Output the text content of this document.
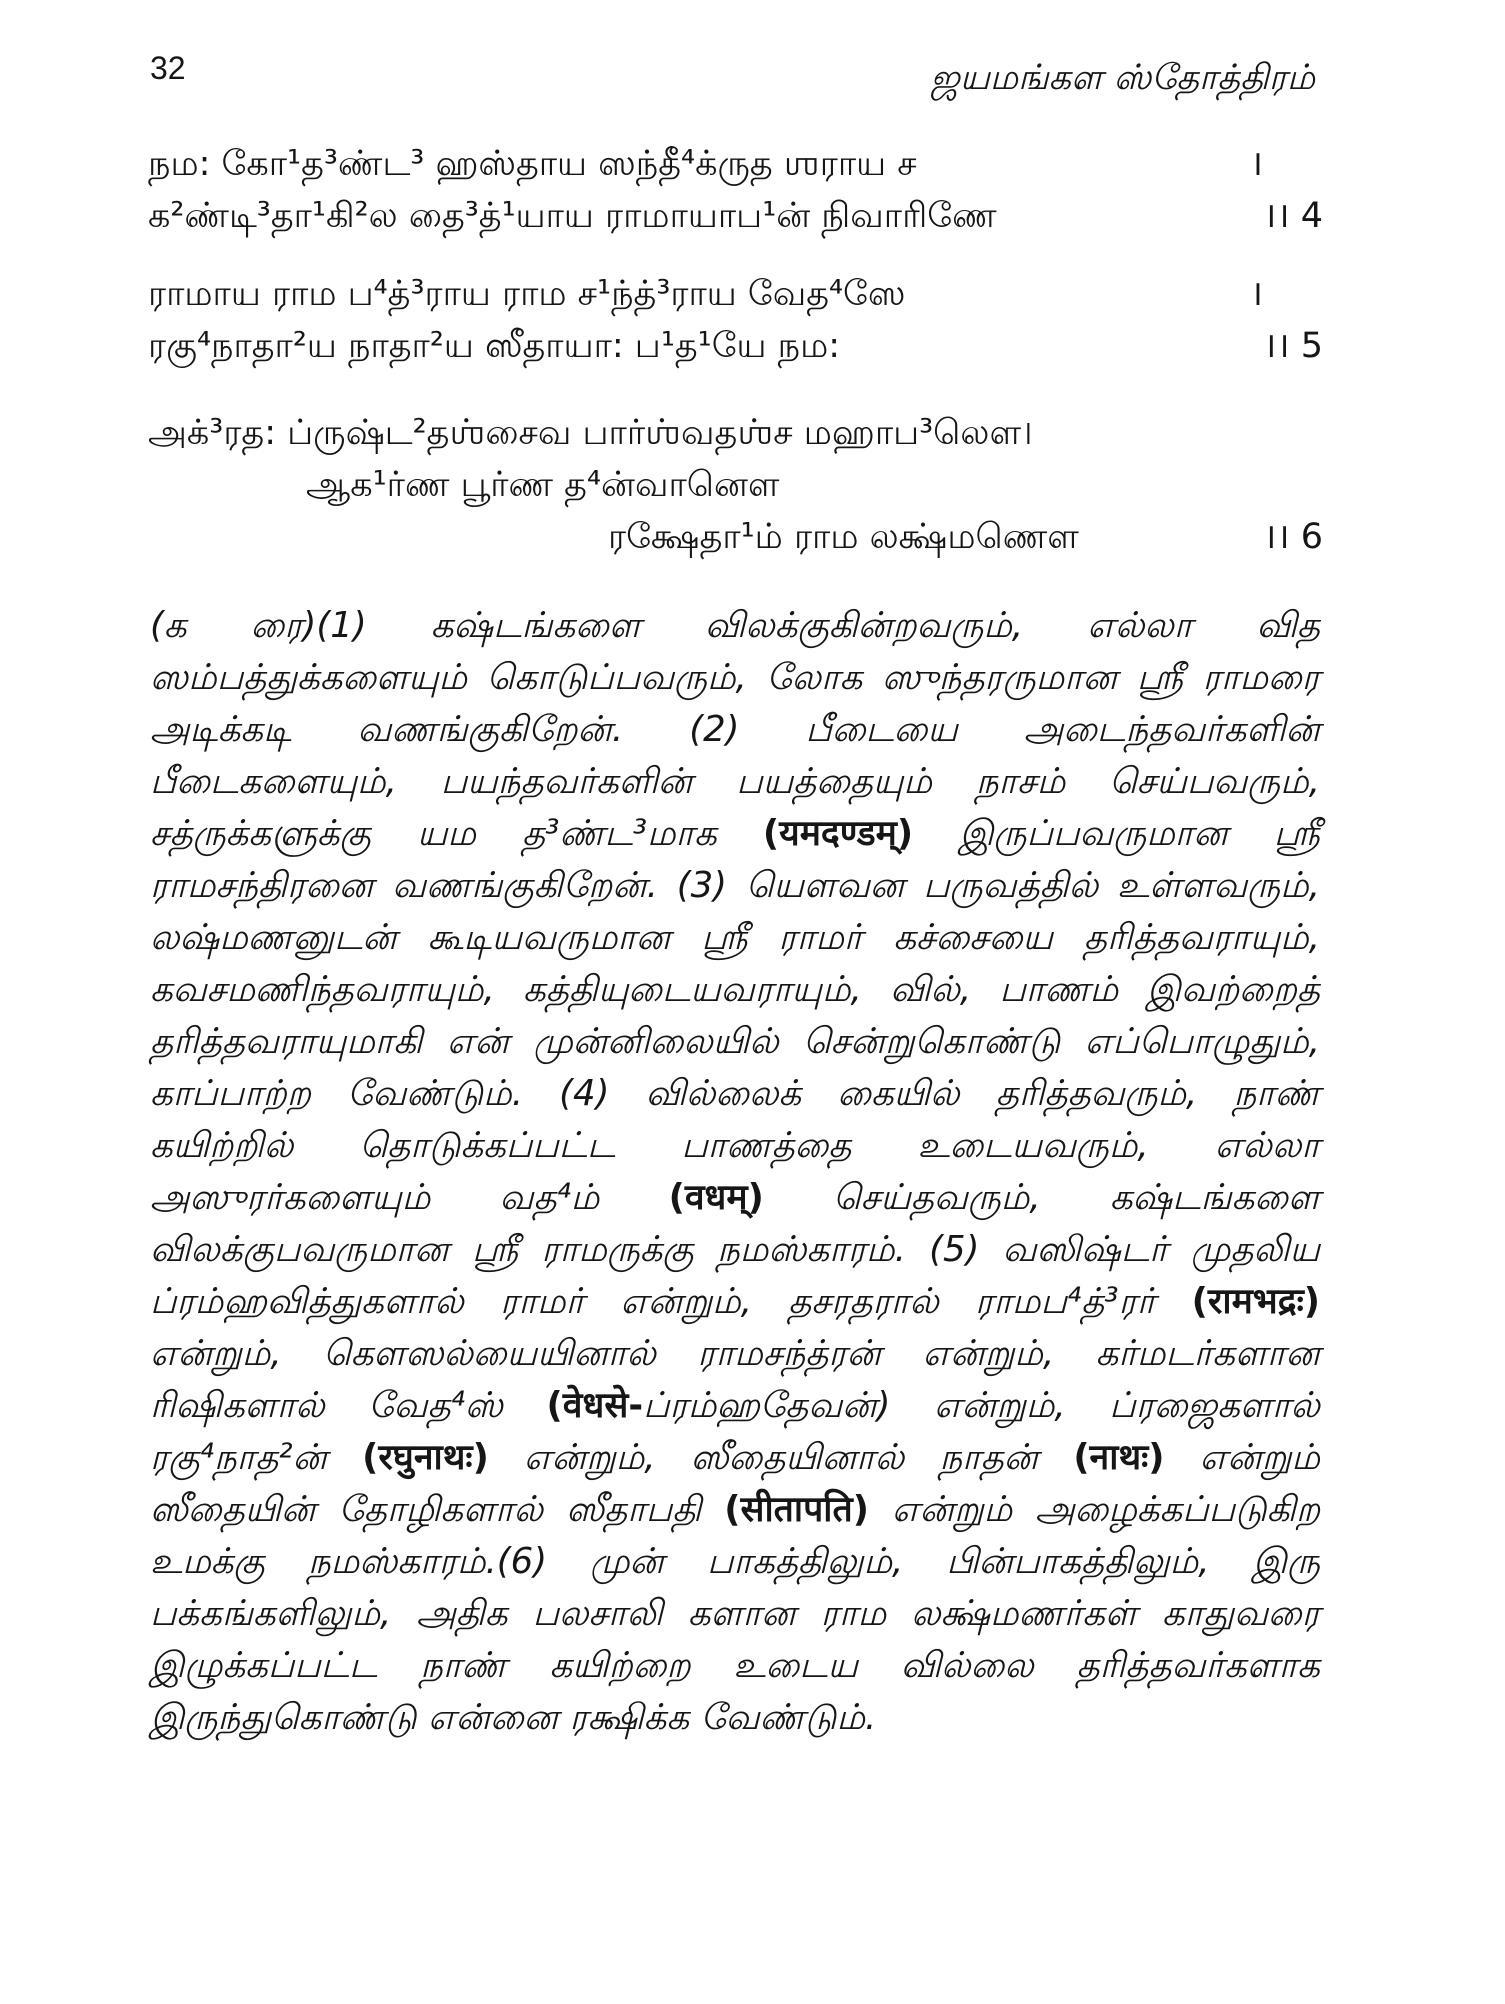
32	ஜயமங்கள ஸ்தோத்திரம்
நம: கோ¹த³ண்ட³ ஹஸ்தாய ஸந்தீ⁴க்ருத ஶராய ச	।
க²ண்டி³தா¹கி²ல தை³த்¹யாய ராமாயாப¹ன் நிவாரிணே	।। 4
ராமாய ராம ப⁴த்³ராய ராம ச¹ந்த்³ராய வேத⁴ஸே	।
ரகு⁴நாதா²ய நாதா²ய ஸீதாயா: ப¹த¹யே நம:	।। 5
அக்³ரத: ப்ருஷ்ட²தஶ்சைவ பார்ஶ்வதஶ்ச மஹாப³லௌ।
ஆக¹ர்ண பூர்ண த⁴ன்வானௌ
ரக்ஷேதா¹ம் ராம லக்ஷ்மணௌ	।। 6
(க ரை)(1) கஷ்டங்களை விலக்குகின்றவரும், எல்லா வித ஸம்பத்துக்களையும் கொடுப்பவரும், லோக ஸுந்தரருமான ஸ்ரீ ராமரை அடிக்கடி வணங்குகிறேன். (2) பீடையை அடைந்தவர்களின் பீடைகளையும், பயந்தவர்களின் பயத்தையும் நாசம் செய்பவரும், சத்ருக்களுக்கு யம த³ண்ட³மாக (यमदण्डम्) இருப்பவருமான ஸ்ரீ ராமசந்திரனை வணங்குகிறேன். (3) யௌவன பருவத்தில் உள்ளவரும், லஷ்மணனுடன் கூடியவருமான ஸ்ரீ ராமர் கச்சையை தரித்தவராயும், கவசமணிந்தவராயும், கத்தியுடையவராயும், வில், பாணம் இவற்றைத் தரித்தவராயுமாகி என் முன்னிலையில் சென்றுகொண்டு எப்பொழுதும், காப்பாற்ற வேண்டும். (4) வில்லைக் கையில் தரித்தவரும், நாண் கயிற்றில் தொடுக்கப்பட்ட பாணத்தை உடையவரும், எல்லா அஸுரர்களையும் வத⁴ம் (वधम्) செய்தவரும், கஷ்டங்களை விலக்குபவருமான ஸ்ரீ ராமருக்கு நமஸ்காரம். (5) வஸிஷ்டர் முதலிய ப்ரம்ஹவித்துகளால் ராமர் என்றும், தசரதரால் ராமப⁴த்³ரர் (रामभद्रः) என்றும், கௌஸல்யையினால் ராமசந்த்ரன் என்றும், கர்மடர்களான ரிஷிகளால் வேத⁴ஸ் (वेधसे-ப்ரம்ஹதேவன்) என்றும், ப்ரஜைகளால் ரகு⁴நாத²ன் (रघुनाथः) என்றும், ஸீதையினால் நாதன் (नाथः) என்றும் ஸீதையின் தோழிகளால் ஸீதாபதி (सीतापति) என்றும் அழைக்கப்படுகிற உமக்கு நமஸ்காரம்.(6) முன் பாகத்திலும், பின்பாகத்திலும், இரு பக்கங்களிலும், அதிக பலசாலி களான ராம லக்ஷ்மணர்கள் காதுவரை இழுக்கப்பட்ட நாண் கயிற்றை உடைய வில்லை தரித்தவர்களாக இருந்துகொண்டு என்னை ரக்ஷிக்க வேண்டும்.
